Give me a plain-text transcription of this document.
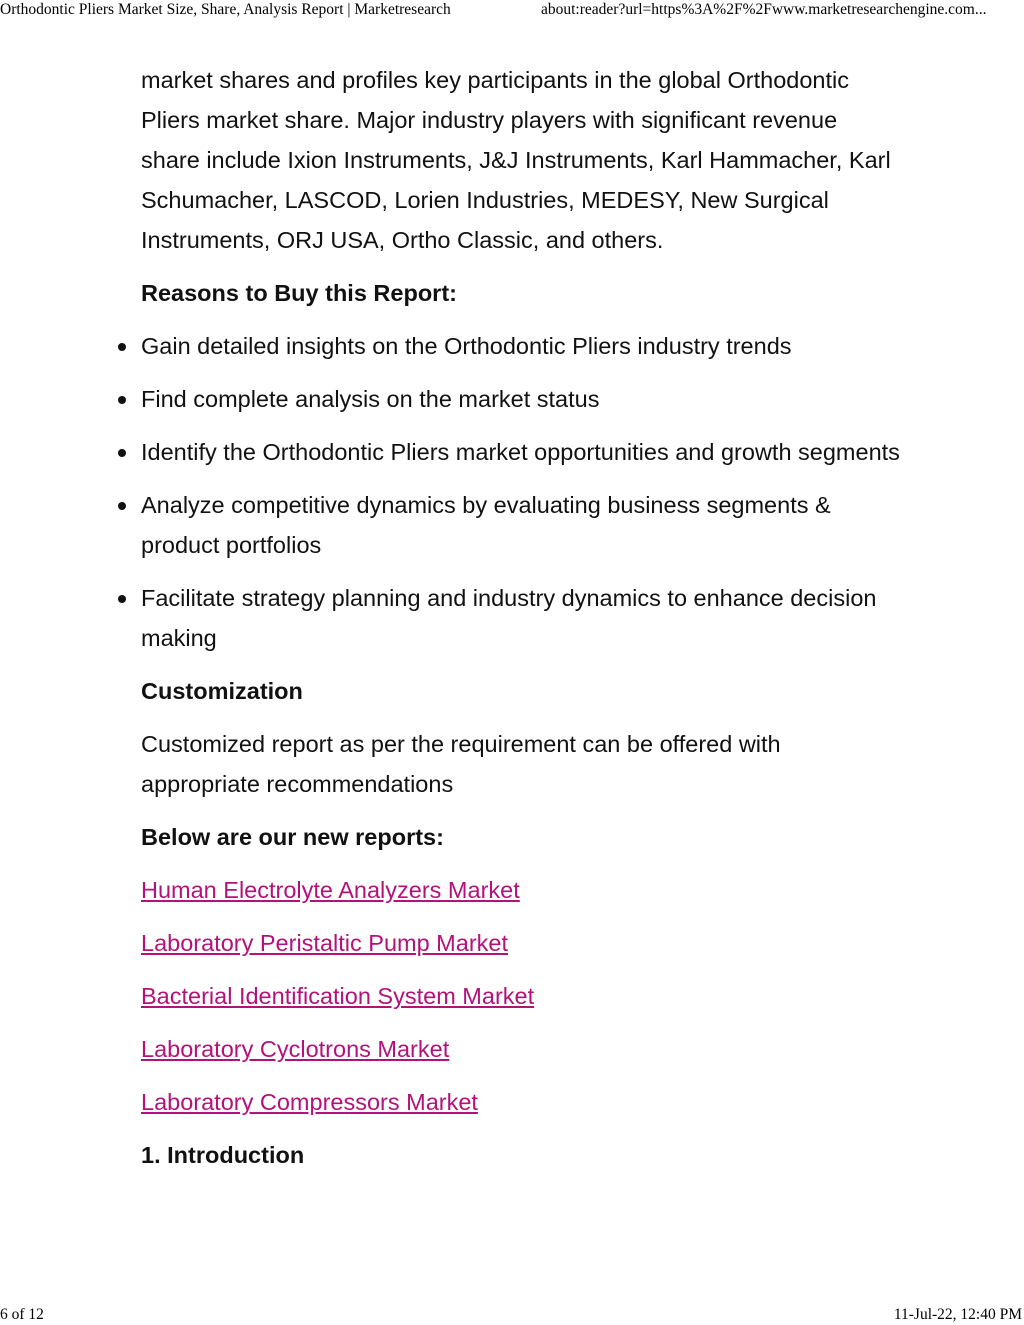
Orthodontic Pliers Market Size, Share, Analysis Report | Marketresearch	about:reader?url=https%3A%2F%2Fwww.marketresearchengine.com...

market shares and profiles key participants in the global Orthodontic Pliers market share. Major industry players with significant revenue share include Ixion Instruments, J&J Instruments, Karl Hammacher, Karl Schumacher, LASCOD, Lorien Industries, MEDESY, New Surgical Instruments, ORJ USA, Ortho Classic, and others.

Reasons to Buy this Report:

Gain detailed insights on the Orthodontic Pliers industry trends
Find complete analysis on the market status
Identify the Orthodontic Pliers market opportunities and growth segments
Analyze competitive dynamics by evaluating business segments & product portfolios
Facilitate strategy planning and industry dynamics to enhance decision making

Customization

Customized report as per the requirement can be offered with appropriate recommendations

Below are our new reports:

Human Electrolyte Analyzers Market
Laboratory Peristaltic Pump Market
Bacterial Identification System Market
Laboratory Cyclotrons Market
Laboratory Compressors Market

1. Introduction

6 of 12	11-Jul-22, 12:40 PM
